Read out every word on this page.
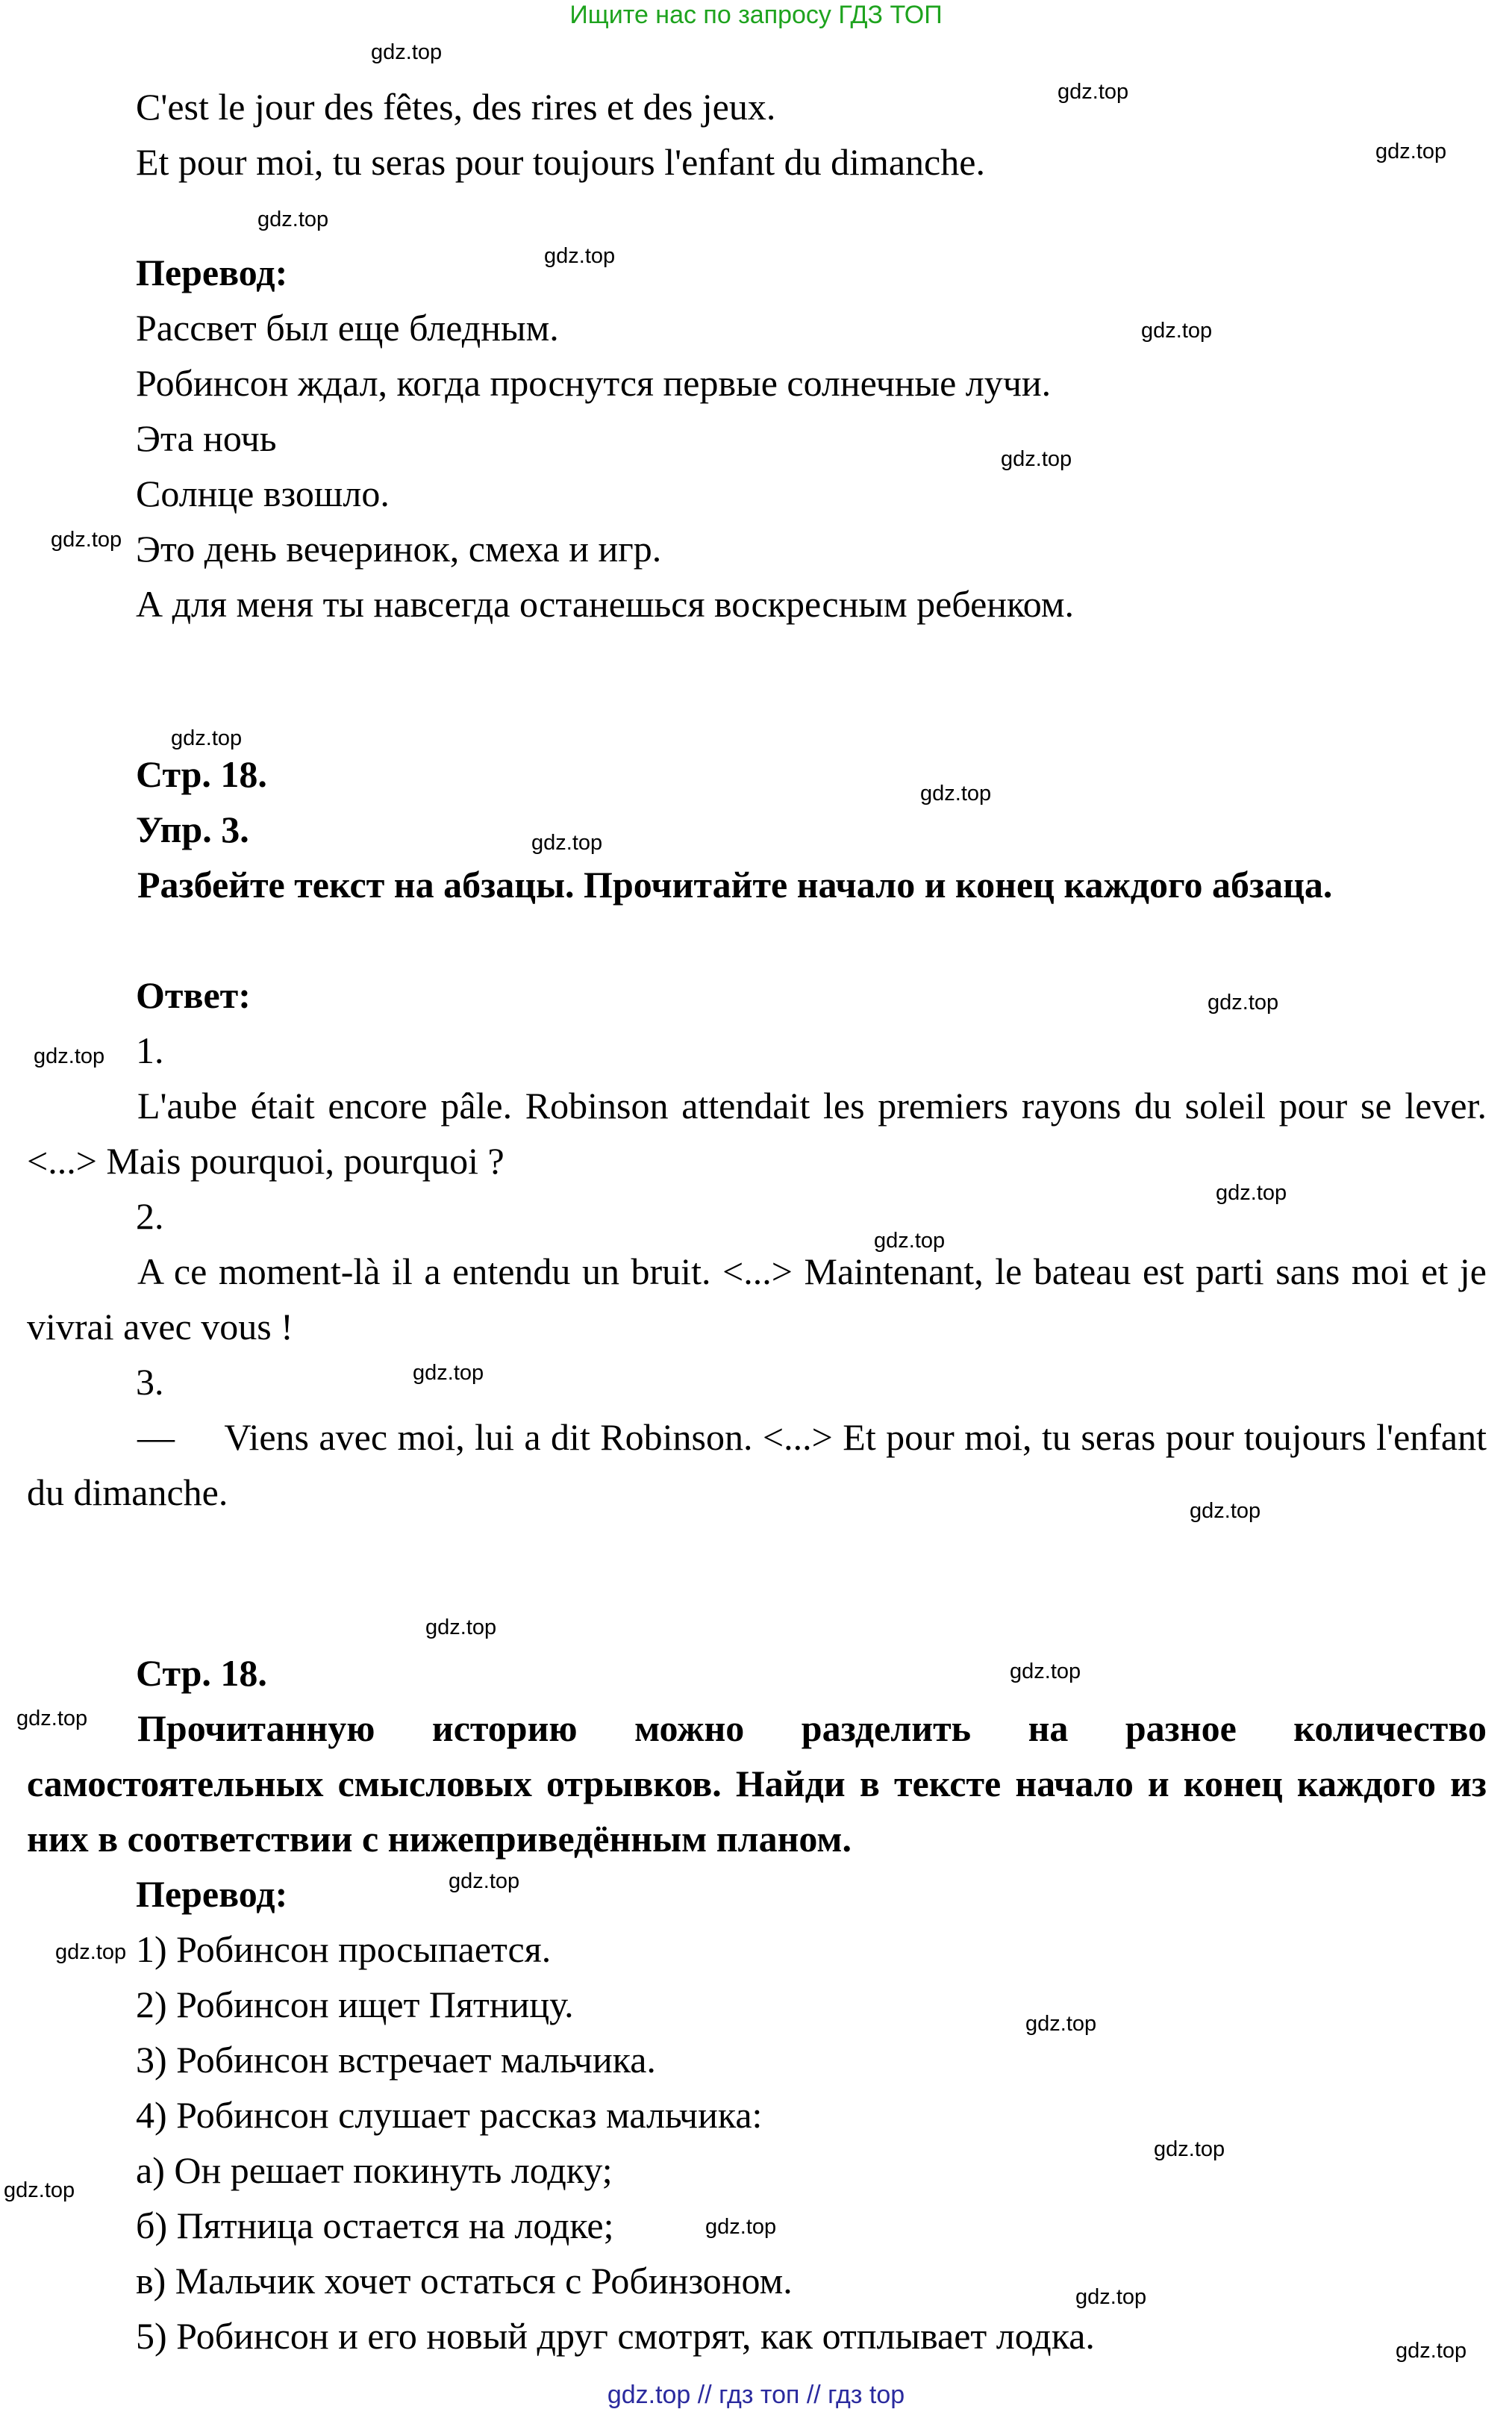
Ищите нас по запросу ГДЗ ТОП
C'est le jour des fêtes, des rires et des jeux.
Et pour moi, tu seras pour toujours l'enfant du dimanche.
Перевод:
Рассвет был еще бледным.
Робинсон ждал, когда проснутся первые солнечные лучи.
Эта ночь
Солнце взошло.
Это день вечеринок, смеха и игр.
А для меня ты навсегда останешься воскресным ребенком.
Стр. 18.
Упр. 3.
Разбейте текст на абзацы. Прочитайте начало и конец каждого абзаца.
Ответ:
1.
L'aube était encore pâle. Robinson attendait les premiers rayons du soleil pour se lever. <...> Mais pourquoi, pourquoi ?
2.
A ce moment-là il a entendu un bruit. <...> Maintenant, le bateau est parti sans moi et je vivrai avec vous !
3.
—     Viens avec moi, lui a dit Robinson. <...> Et pour moi, tu seras pour toujours l'enfant du dimanche.
Стр. 18.
Прочитанную историю можно разделить на разное количество самостоятельных смысловых отрывков. Найди в тексте начало и конец каждого из них в соответствии с нижеприведённым планом.
Перевод:
1) Робинсон просыпается.
2) Робинсон ищет Пятницу.
3) Робинсон встречает мальчика.
4) Робинсон слушает рассказ мальчика:
а) Он решает покинуть лодку;
б) Пятница остается на лодке;
в) Мальчик хочет остаться с Робинзоном.
5) Робинсон и его новый друг смотрят, как отплывает лодка.
gdz.top
gdz.top
gdz.top
gdz.top
gdz.top
gdz.top
gdz.top
gdz.top
gdz.top
gdz.top
gdz.top
gdz.top
gdz.top
gdz.top
gdz.top
gdz.top
gdz.top
gdz.top
gdz.top
gdz.top
gdz.top
gdz.top
gdz.top
gdz.top
gdz.top
gdz.top
gdz.top
gdz.top
gdz.top // гдз топ // гдз top
